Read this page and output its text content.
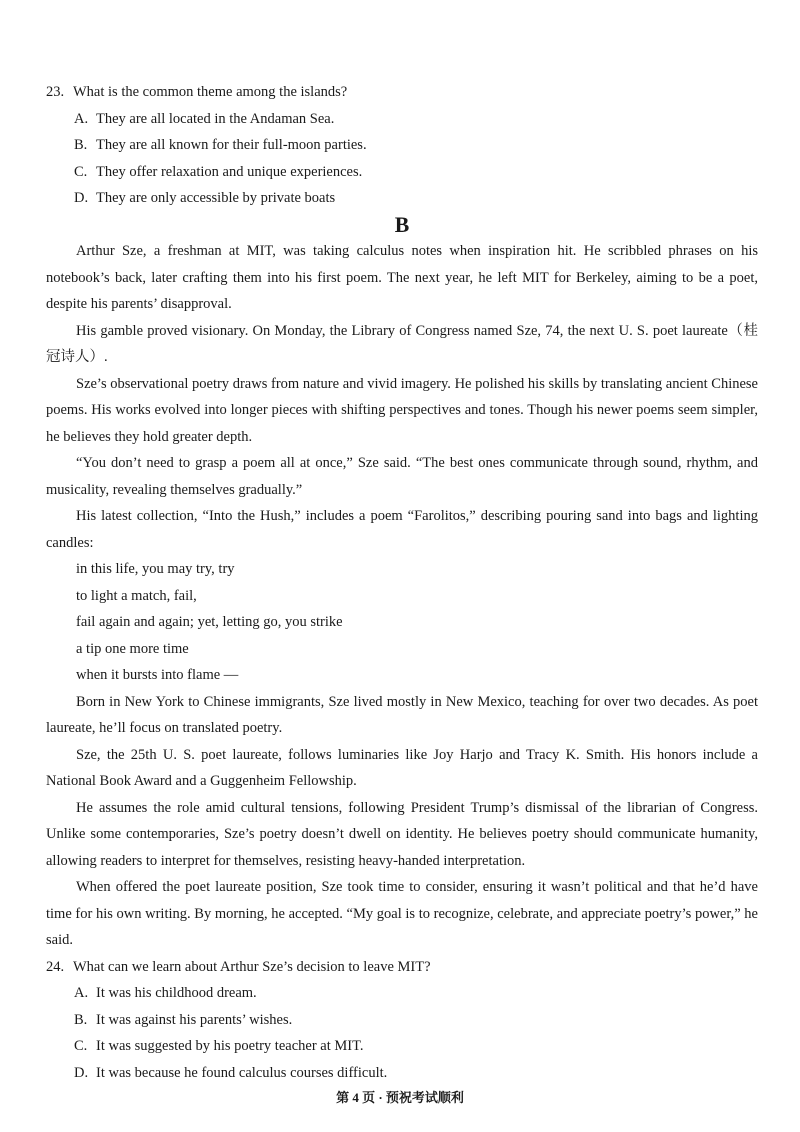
23. What is the common theme among the islands?

A. They are all located in the Andaman Sea.
B. They are all known for their full-moon parties.
C. They offer relaxation and unique experiences.
D. They are only accessible by private boats
B

Arthur Sze, a freshman at MIT, was taking calculus notes when inspiration hit. He scribbled phrases on his notebook’s back, later crafting them into his first poem. The next year, he left MIT for Berkeley, aiming to be a poet, despite his parents’ disapproval.

His gamble proved visionary. On Monday, the Library of Congress named Sze, 74, the next U. S. poet laureate（桂冠诗人）.

Sze’s observational poetry draws from nature and vivid imagery. He polished his skills by translating ancient Chinese poems. His works evolved into longer pieces with shifting perspectives and tones. Though his newer poems seem simpler, he believes they hold greater depth.

“You don’t need to grasp a poem all at once,” Sze said. “The best ones communicate through sound, rhythm, and musicality, revealing themselves gradually.”

His latest collection, “Into the Hush,” includes a poem “Farolitos,” describing pouring sand into bags and lighting candles:

in this life, you may try, try
to light a match, fail,
fail again and again; yet, letting go, you strike
a tip one more time
when it bursts into flame —

Born in New York to Chinese immigrants, Sze lived mostly in New Mexico, teaching for over two decades. As poet laureate, he’ll focus on translated poetry.

Sze, the 25th U. S. poet laureate, follows luminaries like Joy Harjo and Tracy K. Smith. His honors include a National Book Award and a Guggenheim Fellowship.

He assumes the role amid cultural tensions, following President Trump’s dismissal of the librarian of Congress. Unlike some contemporaries, Sze’s poetry doesn’t dwell on identity. He believes poetry should communicate humanity, allowing readers to interpret for themselves, resisting heavy-handed interpretation.

When offered the poet laureate position, Sze took time to consider, ensuring it wasn’t political and that he’d have time for his own writing. By morning, he accepted. “My goal is to recognize, celebrate, and appreciate poetry’s power,” he said.

24. What can we learn about Arthur Sze’s decision to leave MIT?

A. It was his childhood dream.
B. It was against his parents’ wishes.
C. It was suggested by his poetry teacher at MIT.
D. It was because he found calculus courses difficult.
第 4 页 · 预祝考试顺利
